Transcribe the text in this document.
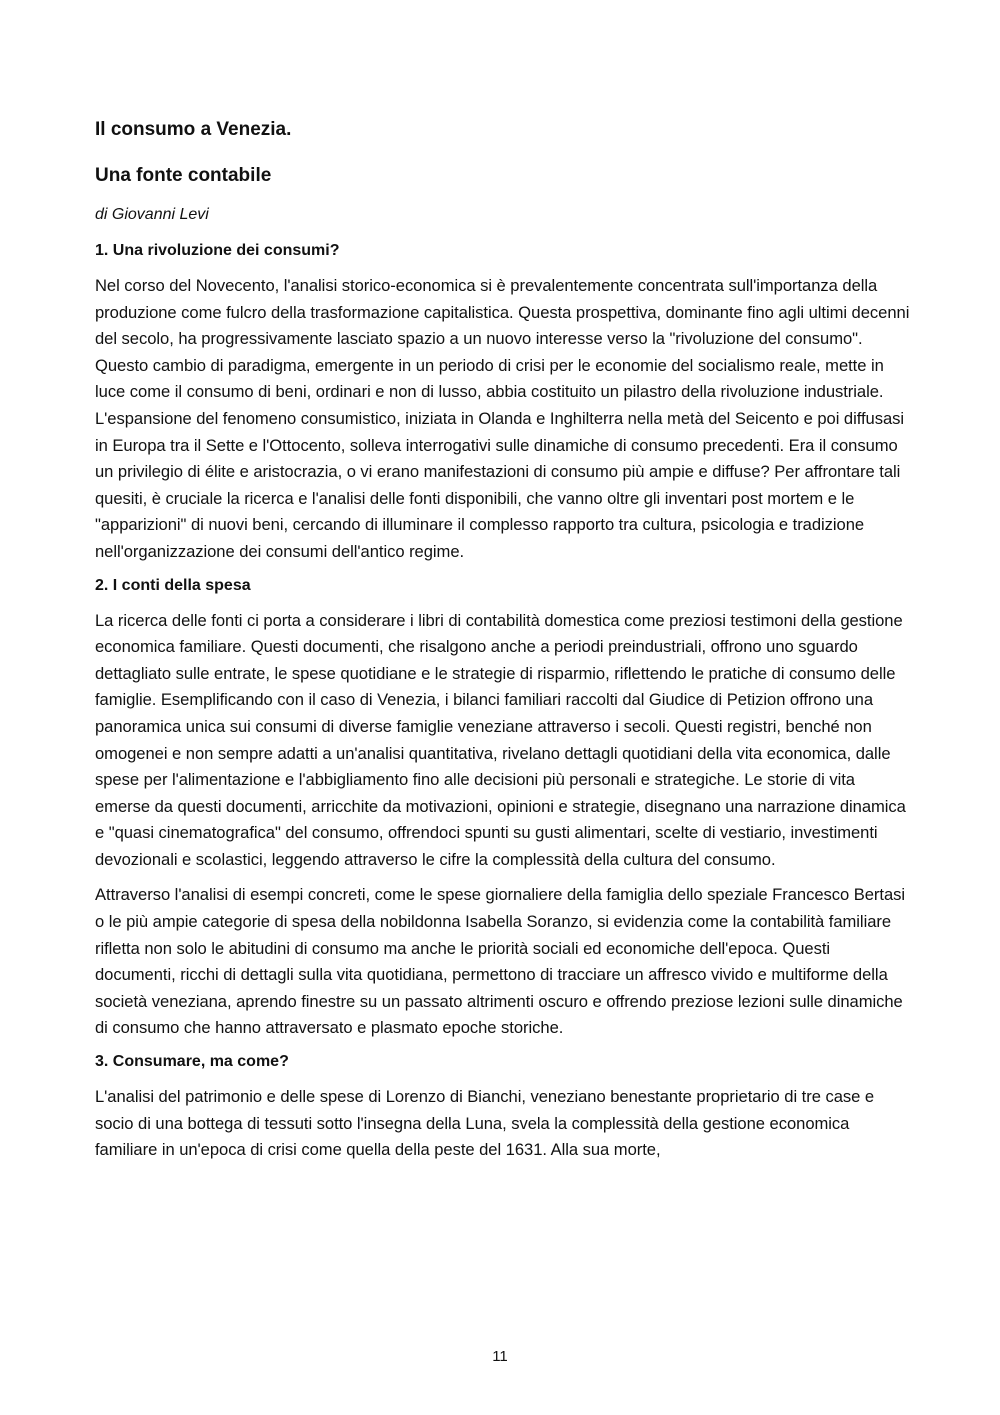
Il consumo a Venezia.
Una fonte contabile
di Giovanni Levi
1. Una rivoluzione dei consumi?

Nel corso del Novecento, l'analisi storico-economica si è prevalentemente concentrata sull'importanza della produzione come fulcro della trasformazione capitalistica. Questa prospettiva, dominante fino agli ultimi decenni del secolo, ha progressivamente lasciato spazio a un nuovo interesse verso la "rivoluzione del consumo". Questo cambio di paradigma, emergente in un periodo di crisi per le economie del socialismo reale, mette in luce come il consumo di beni, ordinari e non di lusso, abbia costituito un pilastro della rivoluzione industriale. L'espansione del fenomeno consumistico, iniziata in Olanda e Inghilterra nella metà del Seicento e poi diffusasi in Europa tra il Sette e l'Ottocento, solleva interrogativi sulle dinamiche di consumo precedenti. Era il consumo un privilegio di élite e aristocrazia, o vi erano manifestazioni di consumo più ampie e diffuse? Per affrontare tali quesiti, è cruciale la ricerca e l'analisi delle fonti disponibili, che vanno oltre gli inventari post mortem e le "apparizioni" di nuovi beni, cercando di illuminare il complesso rapporto tra cultura, psicologia e tradizione nell'organizzazione dei consumi dell'antico regime.

2. I conti della spesa

La ricerca delle fonti ci porta a considerare i libri di contabilità domestica come preziosi testimoni della gestione economica familiare. Questi documenti, che risalgono anche a periodi preindustriali, offrono uno sguardo dettagliato sulle entrate, le spese quotidiane e le strategie di risparmio, riflettendo le pratiche di consumo delle famiglie. Esemplificando con il caso di Venezia, i bilanci familiari raccolti dal Giudice di Petizion offrono una panoramica unica sui consumi di diverse famiglie veneziane attraverso i secoli. Questi registri, benché non omogenei e non sempre adatti a un'analisi quantitativa, rivelano dettagli quotidiani della vita economica, dalle spese per l'alimentazione e l'abbigliamento fino alle decisioni più personali e strategiche. Le storie di vita emerse da questi documenti, arricchite da motivazioni, opinioni e strategie, disegnano una narrazione dinamica e "quasi cinematografica" del consumo, offrendoci spunti su gusti alimentari, scelte di vestiario, investimenti devozionali e scolastici, leggendo attraverso le cifre la complessità della cultura del consumo.

Attraverso l'analisi di esempi concreti, come le spese giornaliere della famiglia dello speziale Francesco Bertasi o le più ampie categorie di spesa della nobildonna Isabella Soranzo, si evidenzia come la contabilità familiare rifletta non solo le abitudini di consumo ma anche le priorità sociali ed economiche dell'epoca. Questi documenti, ricchi di dettagli sulla vita quotidiana, permettono di tracciare un affresco vivido e multiforme della società veneziana, aprendo finestre su un passato altrimenti oscuro e offrendo preziose lezioni sulle dinamiche di consumo che hanno attraversato e plasmato epoche storiche.

3. Consumare, ma come?

L'analisi del patrimonio e delle spese di Lorenzo di Bianchi, veneziano benestante proprietario di tre case e socio di una bottega di tessuti sotto l'insegna della Luna, svela la complessità della gestione economica familiare in un'epoca di crisi come quella della peste del 1631. Alla sua morte,

11
